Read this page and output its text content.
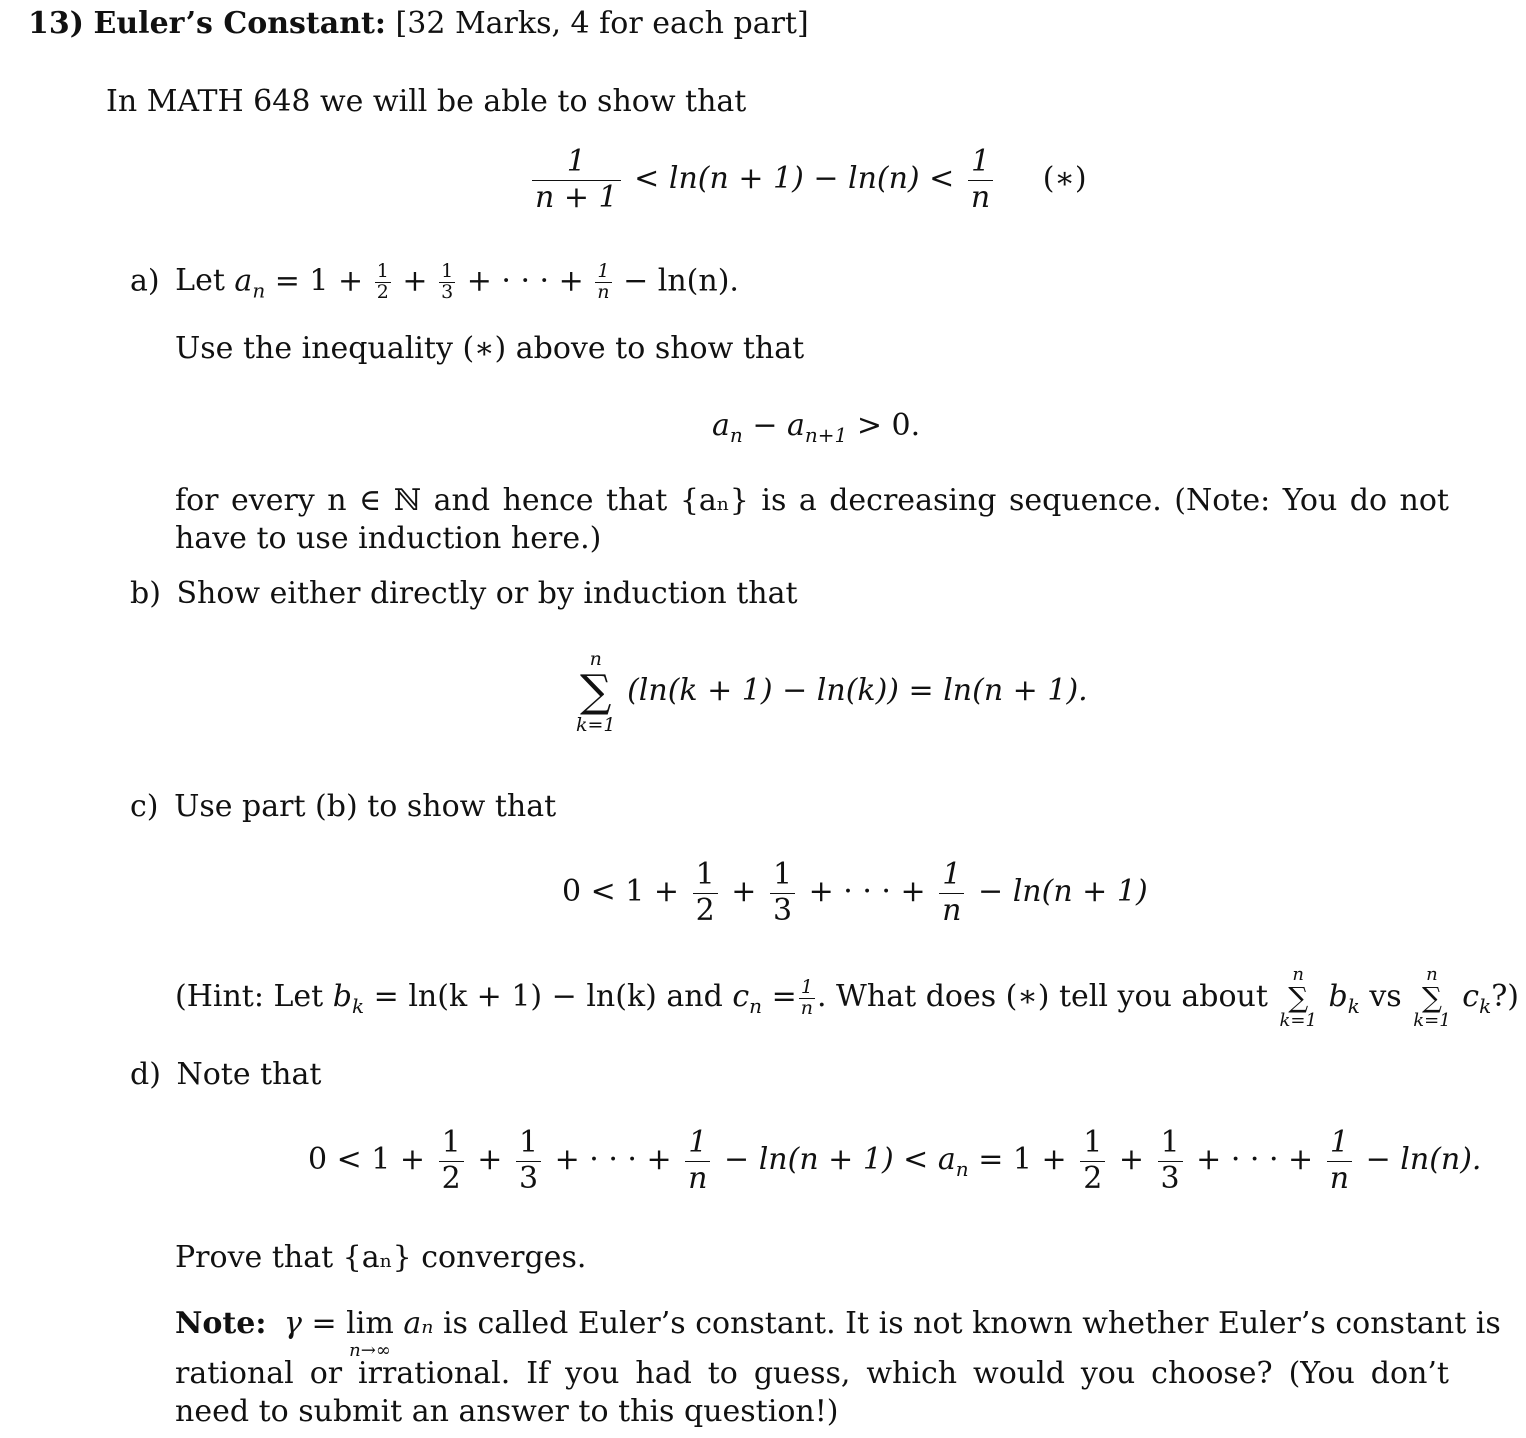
13) Euler’s Constant: [32 Marks, 4 for each part]
In MATH 648 we will be able to show that
$\frac{1}{n + 1} < \ln(n + 1) - \ln(n) < \frac{1}{n}$ (∗)
a) Let $a_n = 1 + \frac{1}{2} + \frac{1}{3}$ + · · · + $\frac{1}{n} - \ln(n)$.
Use the inequality (∗) above to show that
$a_n - a_{n+1} > 0$.
for every n ∈ ℕ and hence that {aₙ} is a decreasing sequence. (Note: You do not have to use induction here.)
b) Show either directly or by induction that
n
∑
k=1
(ln(k + 1) − ln(k)) = ln(n + 1).
c) Use part (b) to show that
$0 < 1 + \frac{1}{2} + \frac{1}{3}$ + · · · + $\frac{1}{n} - \ln(n + 1)$
(Hint: Let $b_k = \ln(k + 1) - \ln(k)$ and $c_n = \frac{1}{n}$ . What does (∗) tell you about
n
∑
k=1
$b_k$ vs
n
∑
k=1
$c_k$?)
d) Note that
$0 < 1 + \frac{1}{2} + \frac{1}{3}$ + · · · + $\frac{1}{n} - \ln(n + 1) < a_n = 1 + \frac{1}{2} + \frac{1}{3}$ + · · · + $\frac{1}{n} - \ln(n)$.
Prove that {aₙ} converges.
Note: γ = lim
n→∞
aₙ is called Euler’s constant. It is not known whether Euler’s constant is
rational or irrational. If you had to guess, which would you choose? (You don’t need to submit an answer to this question!)
